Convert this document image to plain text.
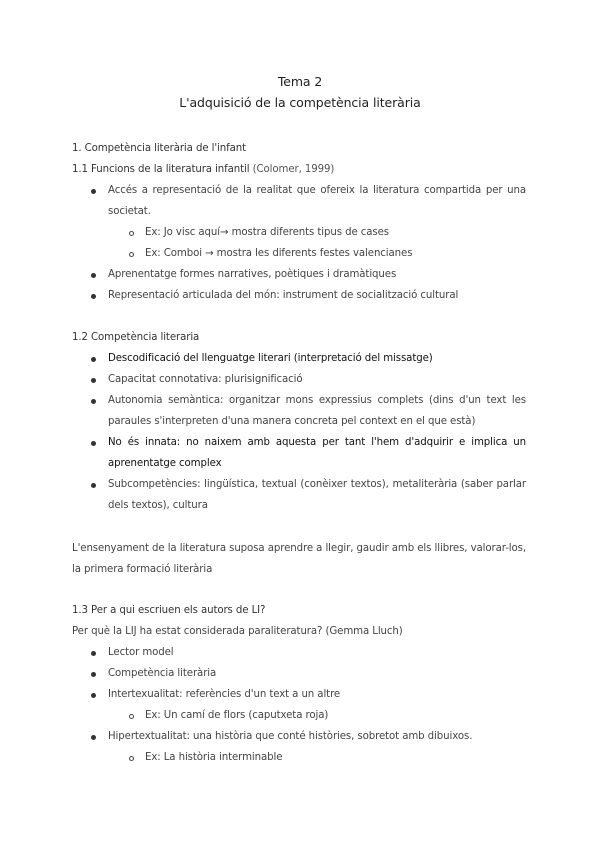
Tema 2
L'adquisició de la competència literària
1. Competència literària de l'infant
1.1 Funcions de la literatura infantil (Colomer, 1999)
Accés a representació de la realitat que ofereix la literatura compartida per una
societat.
Ex: Jo visc aquí→ mostra diferents tipus de cases
Ex: Comboi → mostra les diferents festes valencianes
Aprenentatge formes narratives, poètiques i dramàtiques
Representació articulada del món: instrument de socialització cultural
1.2 Competència literaria
Descodificació del llenguatge literari (interpretació del missatge)
Capacitat connotativa: plurisignificació
Autonomia semàntica: organitzar mons expressius complets (dins d'un text les
paraules s'interpreten d'una manera concreta pel context en el que està)
No és innata: no naixem amb aquesta per tant l'hem d'adquirir e implica un
aprenentatge complex
Subcompetències: lingüística, textual (conèixer textos), metaliterària (saber parlar
dels textos), cultura
L'ensenyament de la literatura suposa aprendre a llegir, gaudir amb els llibres, valorar-los,
la primera formació literària
1.3 Per a qui escriuen els autors de LI?
Per què la LIJ ha estat considerada paraliteratura? (Gemma Lluch)
Lector model
Competència literària
Intertexualitat: referències d'un text a un altre
Ex: Un camí de flors (caputxeta roja)
Hipertextualitat: una història que conté històries, sobretot amb dibuixos.
Ex: La història interminable
